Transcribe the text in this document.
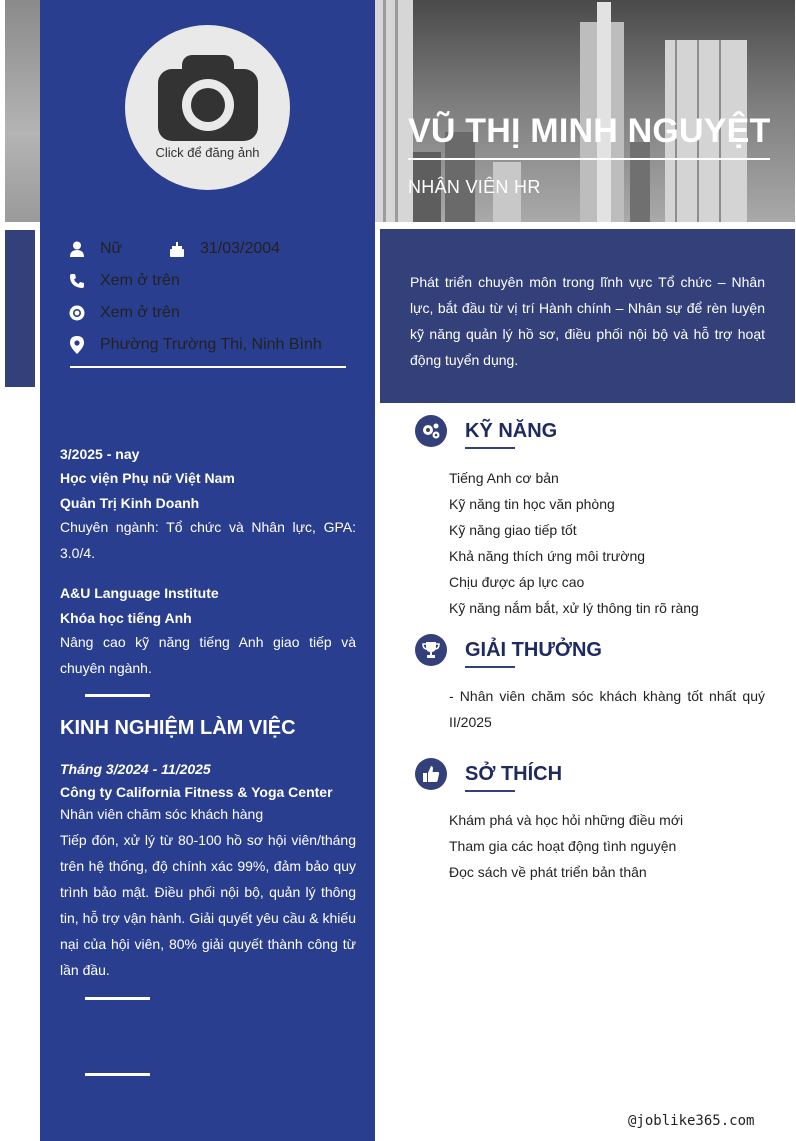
Click để đăng ảnh
VŨ THỊ MINH NGUYỆT
NHÂN VIÊN HR
Nữ	31/03/2004
Xem ở trên
Xem ở trên
Phường Trường Thi, Ninh Bình
Phát triển chuyên môn trong lĩnh vực Tổ chức – Nhân lực, bắt đầu từ vị trí Hành chính – Nhân sự để rèn luyện kỹ năng quản lý hồ sơ, điều phối nội bộ và hỗ trợ hoạt động tuyển dụng.
3/2025 - nay
Học viện Phụ nữ Việt Nam
Quản Trị Kinh Doanh
Chuyên ngành: Tổ chức và Nhân lực, GPA: 3.0/4.
A&U Language Institute
Khóa học tiếng Anh
Nâng cao kỹ năng tiếng Anh giao tiếp và chuyên ngành.
KINH NGHIỆM LÀM VIỆC
Tháng 3/2024 - 11/2025
Công ty California Fitness & Yoga Center
Nhân viên chăm sóc khách hàng
Tiếp đón, xử lý từ 80-100 hồ sơ hội viên/tháng trên hệ thống, độ chính xác 99%, đảm bảo quy trình bảo mật. Điều phối nội bộ, quản lý thông tin, hỗ trợ vận hành. Giải quyết yêu cầu & khiếu nại của hội viên, 80% giải quyết thành công từ lần đầu.
KỸ NĂNG
Tiếng Anh cơ bản
Kỹ năng tin học văn phòng
Kỹ năng giao tiếp tốt
Khả năng thích ứng môi trường
Chịu được áp lực cao
Kỹ năng nắm bắt, xử lý thông tin rõ ràng
GIẢI THƯỞNG
- Nhân viên chăm sóc khách khàng tốt nhất quý II/2025
SỞ THÍCH
Khám phá và học hỏi những điều mới
Tham gia các hoạt động tình nguyện
Đọc sách về phát triển bản thân
@joblike365.com
